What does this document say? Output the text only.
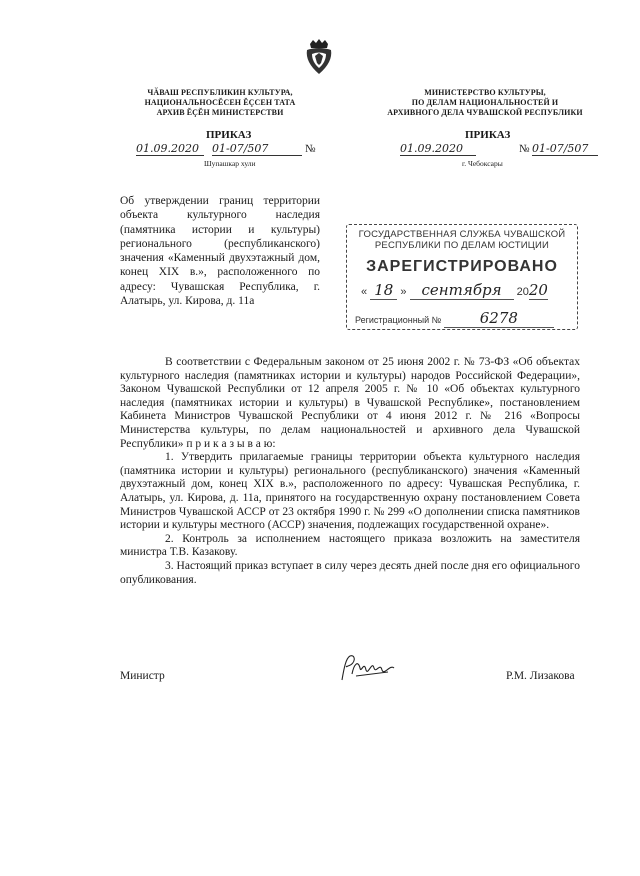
ЧӐВАШ РЕСПУБЛИКИН КУЛЬТУРА,
НАЦИОНАЛЬНОСĔСЕН ĔÇСЕН ТАТА
АРХИВ ĔÇĔН МИНИСТЕРСТВИ
МИНИСТЕРСТВО КУЛЬТУРЫ,
ПО ДЕЛАМ НАЦИОНАЛЬНОСТЕЙ И
АРХИВНОГО ДЕЛА ЧУВАШСКОЙ РЕСПУБЛИКИ
ПРИКАЗ	ПРИКАЗ
01.09.2020	01-07/507	№
Шупашкар хули
01.09.2020	№ 01-07/507
г. Чебоксары
Об утверждении границ территории объекта культурного наследия (памятника истории и культуры) регионального (республиканского) значения «Каменный двухэтажный дом, конец XIX в.», расположенного по адресу: Чувашская Республика, г. Алатырь, ул. Кирова, д. 11а
ГОСУДАРСТВЕННАЯ СЛУЖБА ЧУВАШСКОЙ
РЕСПУБЛИКИ ПО ДЕЛАМ ЮСТИЦИИ
ЗАРЕГИСТРИРОВАНО
« 18 » сентября 2020
Регистрационный №	6278

В соответствии с Федеральным законом от 25 июня 2002 г. № 73-ФЗ «Об объектах культурного наследия (памятниках истории и культуры) народов Российской Федерации», Законом Чувашской Республики от 12 апреля 2005 г. № 10 «Об объектах культурного наследия (памятниках истории и культуры) в Чувашской Республике», постановлением Кабинета Министров Чувашской Республики от 4 июня 2012 г. № 216 «Вопросы Министерства культуры, по делам национальностей и архивного дела Чувашской Республики» п р и к а з ы в а ю:

1. Утвердить прилагаемые границы территории объекта культурного наследия (памятника истории и культуры) регионального (республиканского) значения «Каменный двухэтажный дом, конец XIX в.», расположенного по адресу: Чувашская Республика, г. Алатырь, ул. Кирова, д. 11а, принятого на государственную охрану постановлением Совета Министров Чувашской АССР от 23 октября 1990 г. № 299 «О дополнении списка памятников истории и культуры местного (АССР) значения, подлежащих государственной охране».

2. Контроль за исполнением настоящего приказа возложить на заместителя министра Т.В. Казакову.

3. Настоящий приказ вступает в силу через десять дней после дня его официального опубликования.

Министр	Р.М. Лизакова
